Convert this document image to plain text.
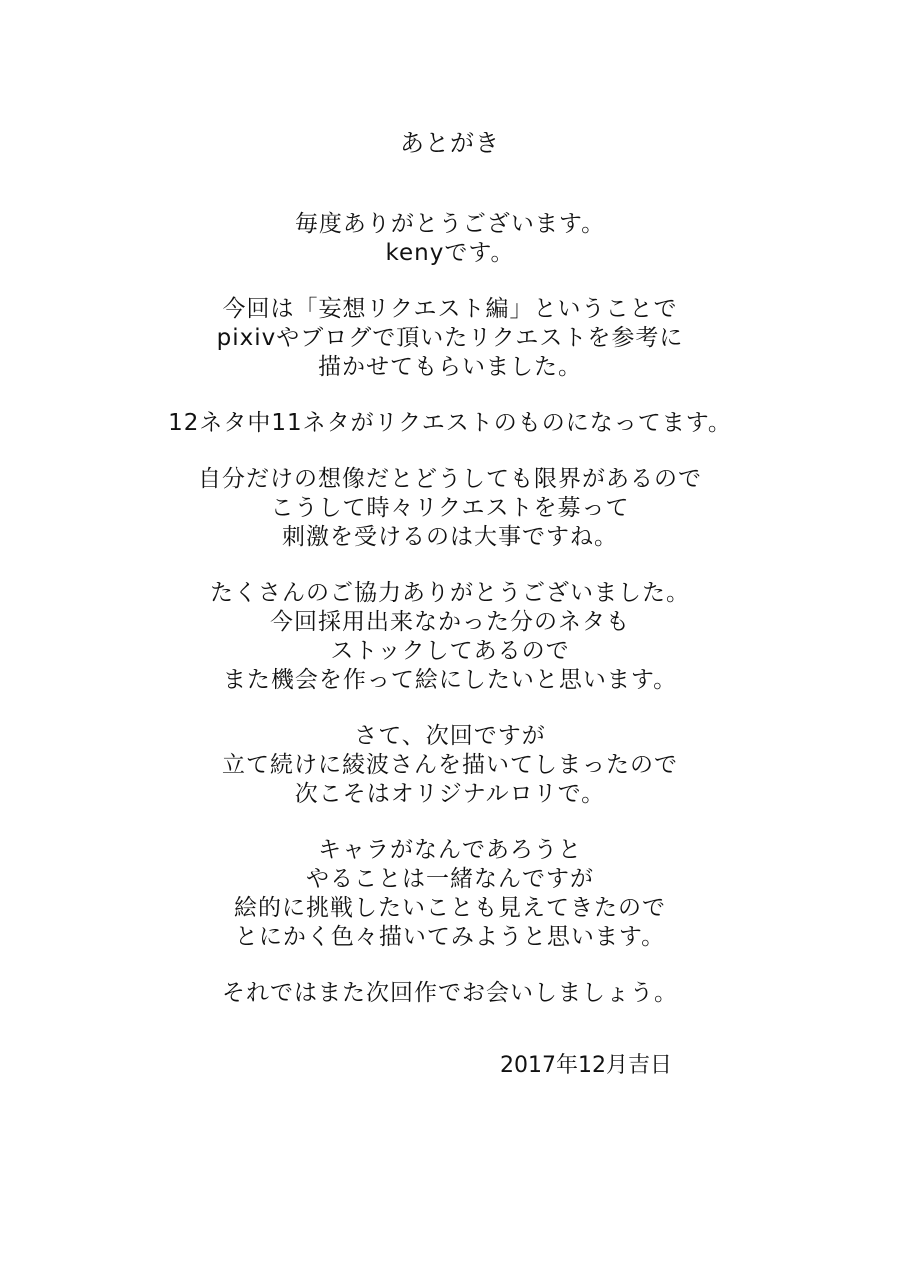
あとがき
毎度ありがとうございます。
kenyです。
今回は「妄想リクエスト編」ということで
pixivやブログで頂いたリクエストを参考に
描かせてもらいました。
12ネタ中11ネタがリクエストのものになってます。
自分だけの想像だとどうしても限界があるので
こうして時々リクエストを募って
刺激を受けるのは大事ですね。
たくさんのご協力ありがとうございました。
今回採用出来なかった分のネタも
ストックしてあるので
また機会を作って絵にしたいと思います。
さて、次回ですが
立て続けに綾波さんを描いてしまったので
次こそはオリジナルロリで。
キャラがなんであろうと
やることは一緒なんですが
絵的に挑戦したいことも見えてきたので
とにかく色々描いてみようと思います。
それではまた次回作でお会いしましょう。
2017年12月吉日
